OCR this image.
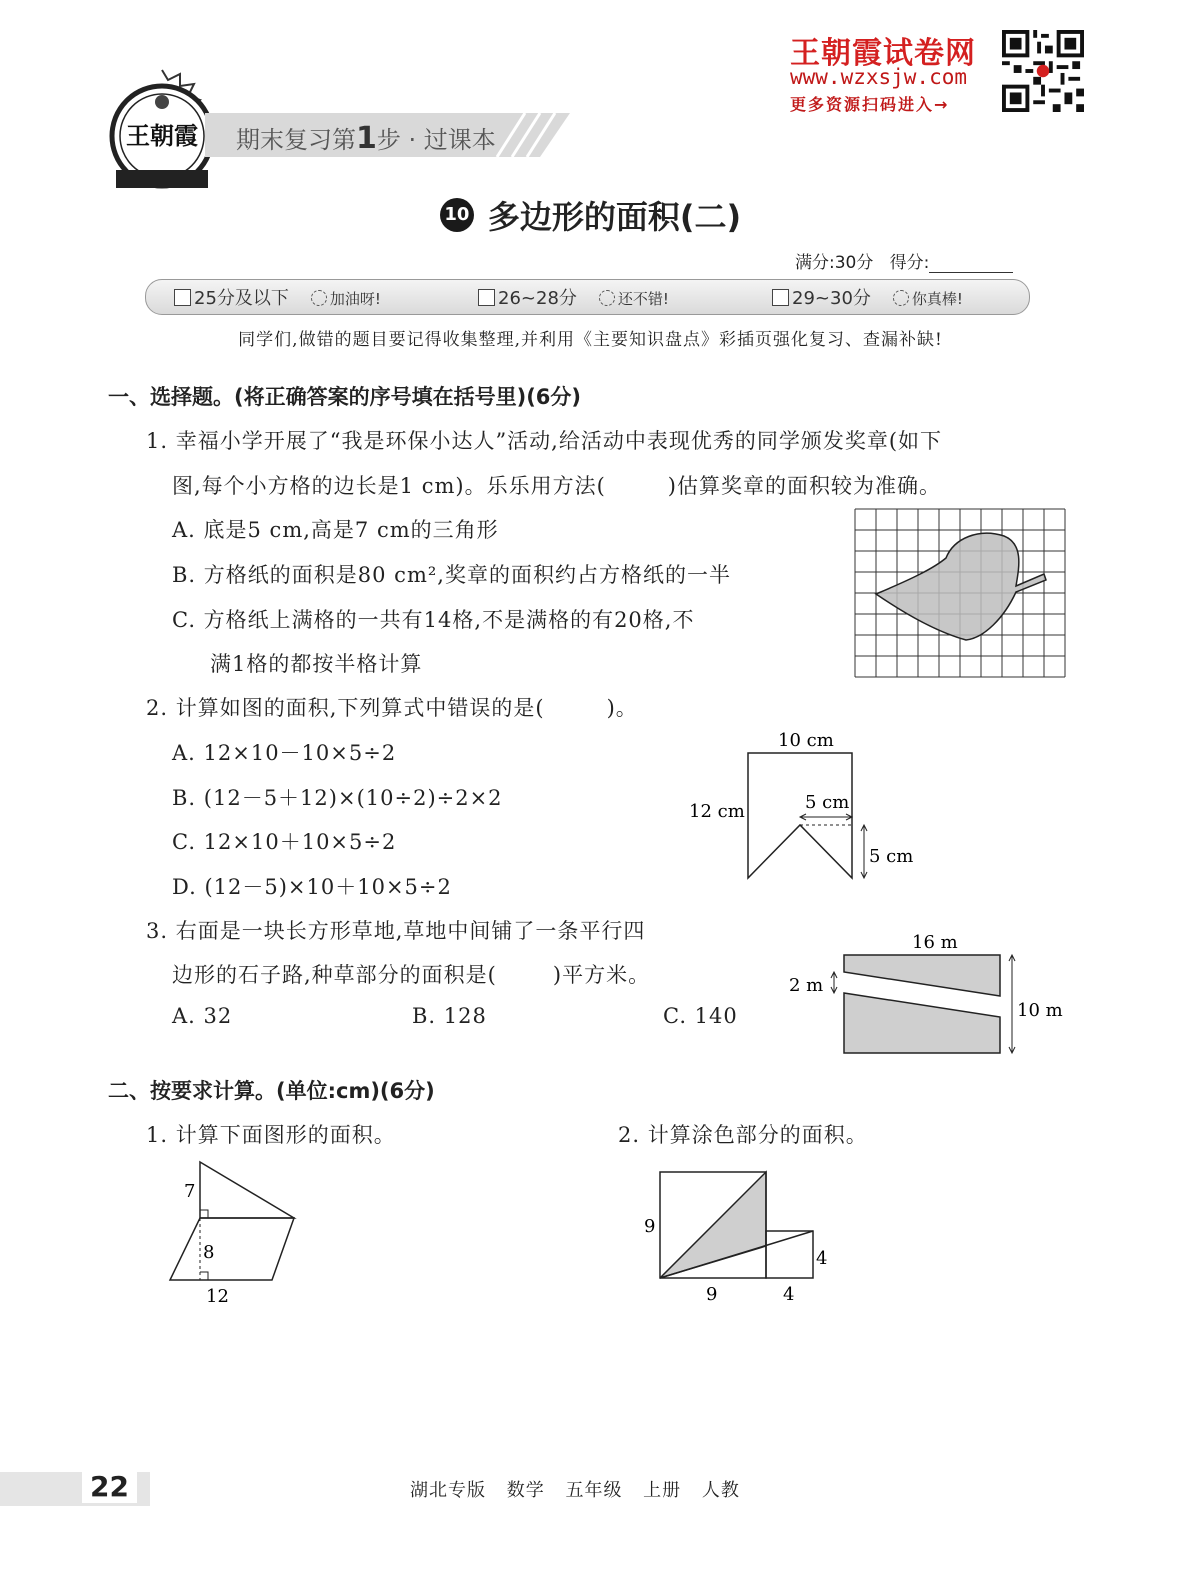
王朝霞 期末复习第1步 · 过课本
王朝霞试卷网
www.wzxsjw.com
更多资源扫码进入→
10 多边形的面积(二)
满分:30分 得分:
25分及以下	加油呀!	26~28分	还不错!	29~30分	你真棒!
同学们,做错的题目要记得收集整理,并利用《主要知识盘点》彩插页强化复习、查漏补缺!
一、选择题。(将正确答案的序号填在括号里)(6分)
1. 幸福小学开展了“我是环保小达人”活动,给活动中表现优秀的同学颁发奖章(如下
图,每个小方格的边长是1 cm)。乐乐用方法(	)估算奖章的面积较为准确。
A. 底是5 cm,高是7 cm的三角形
B. 方格纸的面积是80 cm²,奖章的面积约占方格纸的一半
C. 方格纸上满格的一共有14格,不是满格的有20格,不
满1格的都按半格计算
2. 计算如图的面积,下列算式中错误的是(	)。
A. 12×10－10×5÷2
B. (12－5＋12)×(10÷2)÷2×2
C. 12×10＋10×5÷2
D. (12－5)×10＋10×5÷2
10 cm
12 cm	5 cm
5 cm
3. 右面是一块长方形草地,草地中间铺了一条平行四
边形的石子路,种草部分的面积是(	)平方米。
A. 32	B. 128	C. 140
16 m
2 m
10 m
二、按要求计算。(单位:cm)(6分)
1. 计算下面图形的面积。	2. 计算涂色部分的面积。
7
8
12
9
9	4
4
22	湖北专版 数学 五年级 上册 人教
